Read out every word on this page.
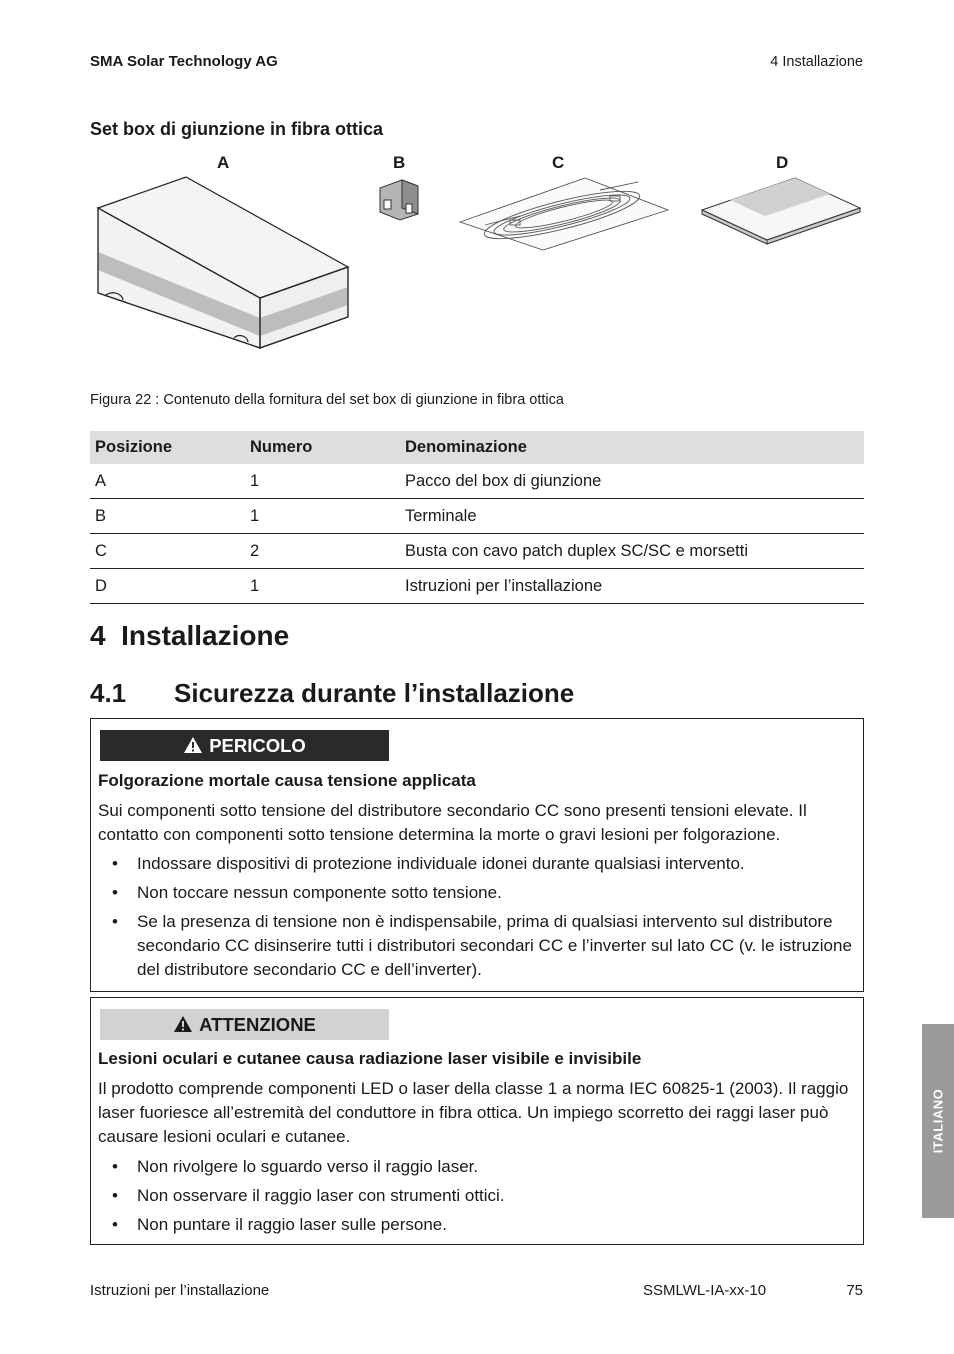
SMA Solar Technology AG	4 Installazione
Set box di giunzione in fibra ottica
A	B	C	D
Figura 22 : Contenuto della fornitura del set box di giunzione in fibra ottica
Posizione	Numero	Denominazione
A	1	Pacco del box di giunzione
B	1	Terminale
C	2	Busta con cavo patch duplex SC/SC e morsetti
D	1	Istruzioni per l’installazione
4 Installazione
4.1 Sicurezza durante l’installazione
PERICOLO
Folgorazione mortale causa tensione applicata
Sui componenti sotto tensione del distributore secondario CC sono presenti tensioni elevate. Il contatto con componenti sotto tensione determina la morte o gravi lesioni per folgorazione.
• Indossare dispositivi di protezione individuale idonei durante qualsiasi intervento.
• Non toccare nessun componente sotto tensione.
• Se la presenza di tensione non è indispensabile, prima di qualsiasi intervento sul distributore secondario CC disinserire tutti i distributori secondari CC e l’inverter sul lato CC (v. le istruzione del distributore secondario CC e dell’inverter).
ATTENZIONE
Lesioni oculari e cutanee causa radiazione laser visibile e invisibile
Il prodotto comprende componenti LED o laser della classe 1 a norma IEC 60825-1 (2003). Il raggio laser fuoriesce all’estremità del conduttore in fibra ottica. Un impiego scorretto dei raggi laser può causare lesioni oculari e cutanee.
• Non rivolgere lo sguardo verso il raggio laser.
• Non osservare il raggio laser con strumenti ottici.
• Non puntare il raggio laser sulle persone.
ITALIANO
Istruzioni per l’installazione	SSMLWL-IA-xx-10	75
